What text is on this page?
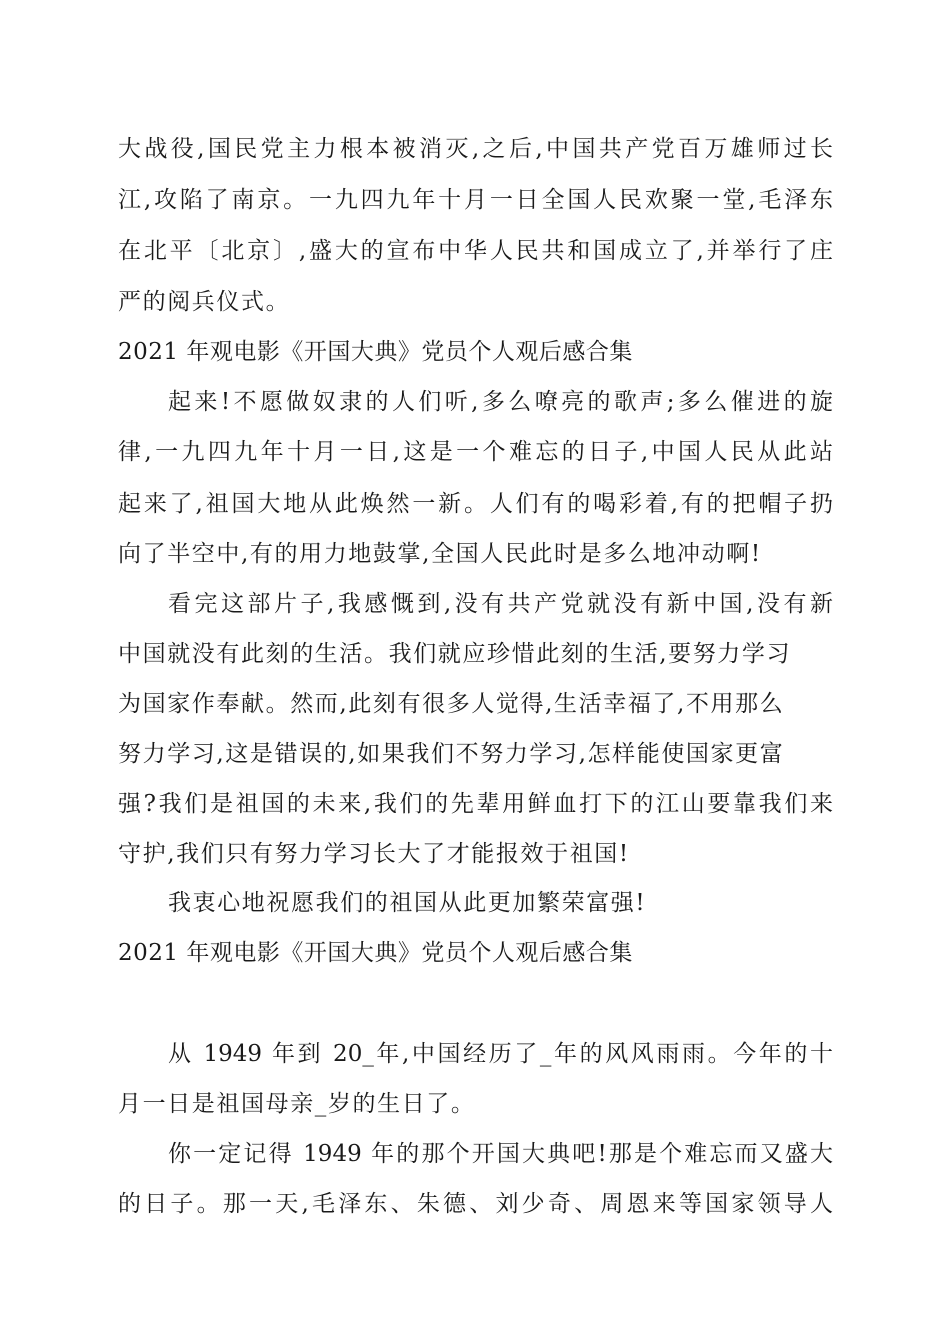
大战役,国民党主力根本被消灭,之后,中国共产党百万雄师过长
江,攻陷了南京。一九四九年十月一日全国人民欢聚一堂,毛泽东
在北平〔北京〕,盛大的宣布中华人民共和国成立了,并举行了庄
严的阅兵仪式。
2021 年观电影《开国大典》党员个人观后感合集
起来!不愿做奴隶的人们听,多么嘹亮的歌声;多么催进的旋
律,一九四九年十月一日,这是一个难忘的日子,中国人民从此站
起来了,祖国大地从此焕然一新。人们有的喝彩着,有的把帽子扔
向了半空中,有的用力地鼓掌,全国人民此时是多么地冲动啊!
看完这部片子,我感慨到,没有共产党就没有新中国,没有新
中国就没有此刻的生活。我们就应珍惜此刻的生活,要努力学习
为国家作奉献。然而,此刻有很多人觉得,生活幸福了,不用那么
努力学习,这是错误的,如果我们不努力学习,怎样能使国家更富
强?我们是祖国的未来,我们的先辈用鲜血打下的江山要靠我们来
守护,我们只有努力学习长大了才能报效于祖国!
我衷心地祝愿我们的祖国从此更加繁荣富强!
2021 年观电影《开国大典》党员个人观后感合集
从 1949 年到 20_年,中国经历了_年的风风雨雨。今年的十
月一日是祖国母亲_岁的生日了。
你一定记得 1949 年的那个开国大典吧!那是个难忘而又盛大
的日子。那一天,毛泽东、朱德、刘少奇、周恩来等国家领导人
